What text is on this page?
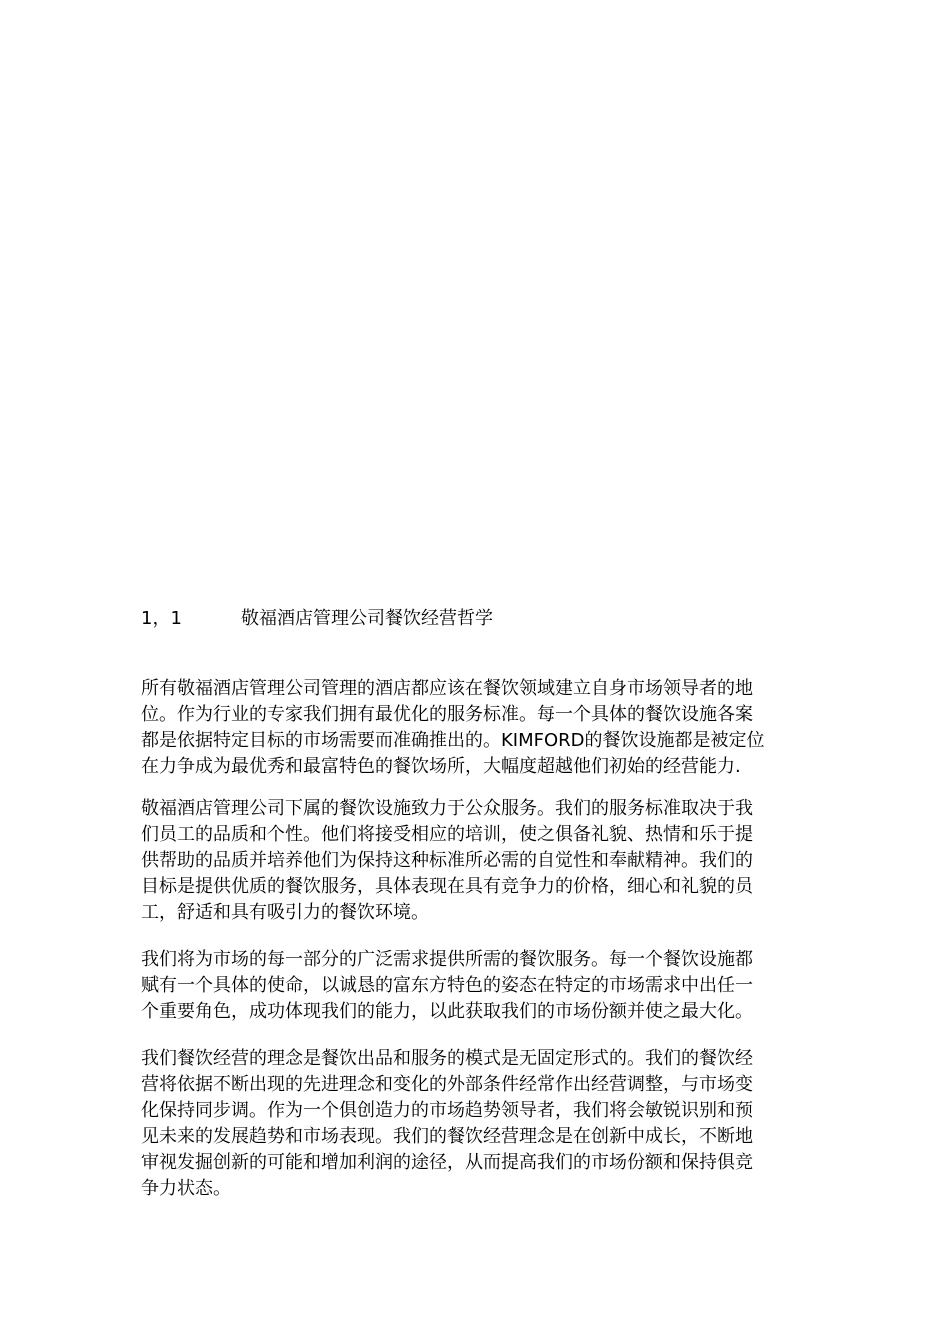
1，1	敬福酒店管理公司餐饮经营哲学
所有敬福酒店管理公司管理的酒店都应该在餐饮领域建立自身市场领导者的地
位。作为行业的专家我们拥有最优化的服务标准。每一个具体的餐饮设施各案
都是依据特定目标的市场需要而准确推出的。KIMFORD的餐饮设施都是被定位
在力争成为最优秀和最富特色的餐饮场所，大幅度超越他们初始的经营能力.
敬福酒店管理公司下属的餐饮设施致力于公众服务。我们的服务标准取决于我
们员工的品质和个性。他们将接受相应的培训，使之俱备礼貌、热情和乐于提
供帮助的品质并培养他们为保持这种标准所必需的自觉性和奉献精神。我们的
目标是提供优质的餐饮服务，具体表现在具有竞争力的价格，细心和礼貌的员
工，舒适和具有吸引力的餐饮环境。
我们将为市场的每一部分的广泛需求提供所需的餐饮服务。每一个餐饮设施都
赋有一个具体的使命，以诚恳的富东方特色的姿态在特定的市场需求中出任一
个重要角色，成功体现我们的能力，以此获取我们的市场份额并使之最大化。
我们餐饮经营的理念是餐饮出品和服务的模式是无固定形式的。我们的餐饮经
营将依据不断出现的先进理念和变化的外部条件经常作出经营调整，与市场变
化保持同步调。作为一个俱创造力的市场趋势领导者，我们将会敏锐识别和预
见未来的发展趋势和市场表现。我们的餐饮经营理念是在创新中成长，不断地
审视发掘创新的可能和增加利润的途径，从而提高我们的市场份额和保持俱竞
争力状态。
